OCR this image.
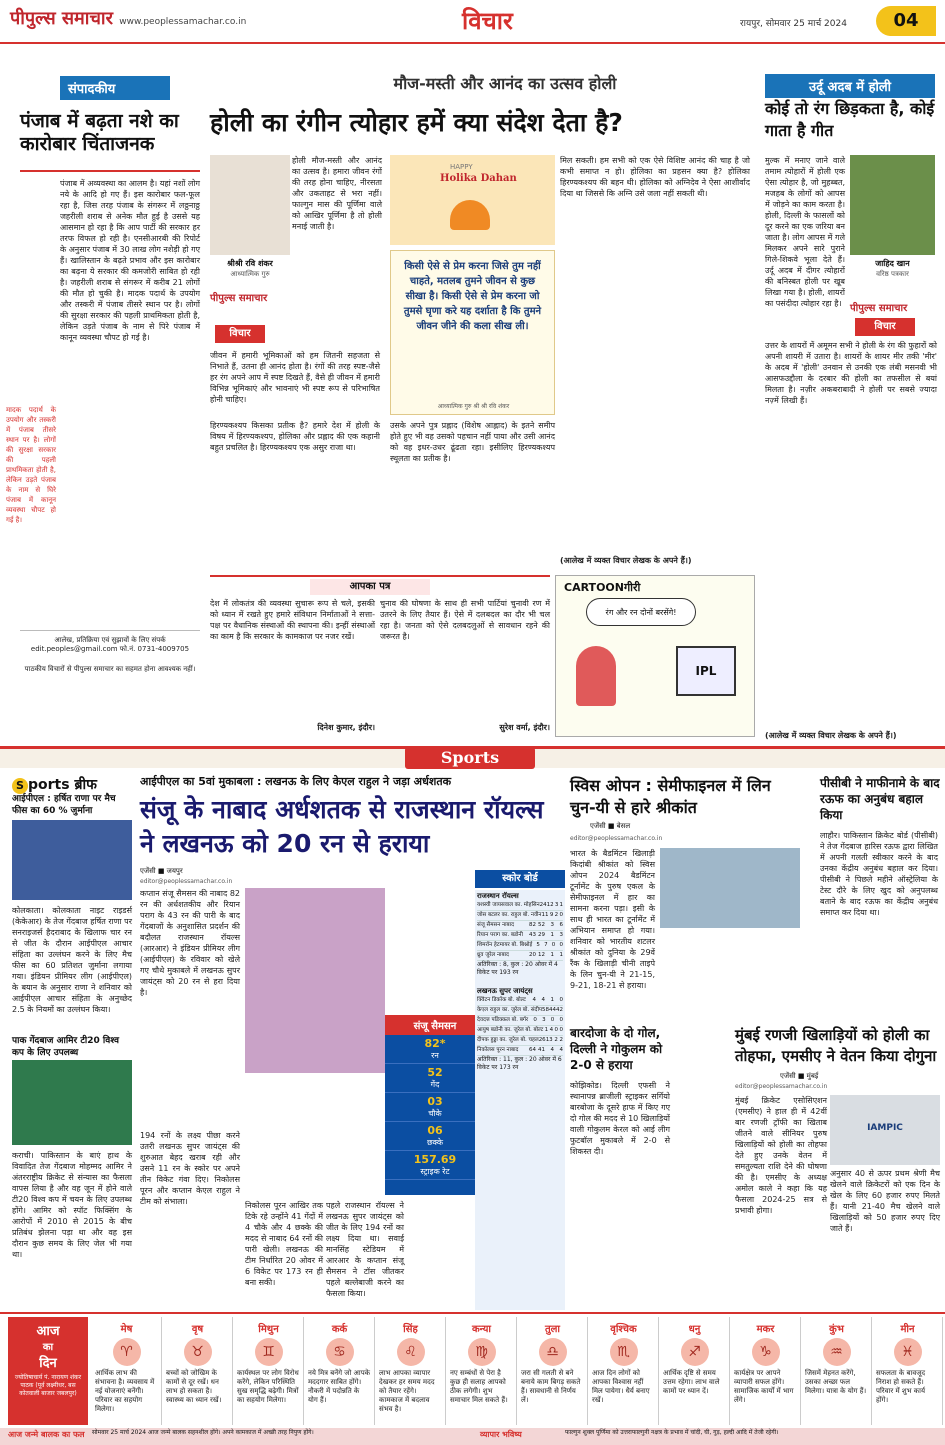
पीपुल्स समाचार www.peoplessamachar.co.in	विचार	रायपुर, सोमवार 25 मार्च 2024	04
संपादकीय
पंजाब में बढ़ता नशे का कारोबार चिंताजनक
पंजाब में अव्यवस्था का आलम है। यहां नशों लोग नये के आदि हो गए हैं। इस कारोबार फल-फूल रहा है, जिस तरह पंजाब के संगरूर में लठ्ठनाठ्ठ जहरीली शराब से अनेक मौत हुई है उससे यह आसमान हो रहा है कि आप पार्टी की सरकार हर तरफ विफल हो रही है। एनसीआरबी की रिपोर्ट के अनुसार पंजाब में 30 लाख लोग नशेड़ी हो गए हैं। खालिस्तान के बढ़ते प्रभाव और इस कारोबार का बढ़ना ये सरकार की कमजोरी साबित हो रही है। जहरीली शराब से संगरूर में करीब 21 लोगों की मौत हो चुकी है। मादक पदार्थ के उपयोग और तस्करी में पंजाब तीसरे स्थान पर है। लोगों की सुरक्षा सरकार की पहली प्राथमिकता होती है, लेकिन उड़ते पंजाब के नाम से पिरे पंजाब में कानून व्यवस्था चौपट हो गई है।
मादक पदार्थ के उपयोग और तस्करी में पंजाब तीसरे स्थान पर है। लोगों की सुरक्षा सरकार की पहली प्राथमिकता होती है, लेकिन उड़ते पंजाब के नाम से घिरे पंजाब में कानून व्यवस्था चौपट हो गई है।
आलेख, प्रतिक्रिया एवं सुझावों के लिए संपर्क edit.peoples@gmail.com फो.नं. 0731-4009705
पाठकीय विचारों से पीपुल्स समाचार का सहमत होना आवश्यक नहीं।
मौज-मस्ती और आनंद का उत्सव होली
होली का रंगीन त्योहार हमें क्या संदेश देता है?
श्रीश्री रवि शंकर
आध्यात्मिक गुरु
पीपुल्स समाचार
विचार
होली मौज-मस्ती और आनंद का उत्सव है। हमारा जीवन रंगों की तरह होना चाहिए, नीरसता और उकताहट से भरा नहीं। फाल्गुन मास की पूर्णिमा वाले को आखिर पूर्णिमा है तो होली मनाई जाती है।
जीवन में हमारी भूमिकाओं को हम जितनी सहजता से निभाते हैं, उतना ही आनंद होता है। रंगों की तरह स्पष्ट-जैसे हर रंग अपने आप में स्पष्ट दिखते हैं, वैसे ही जीवन में हमारी विभिन्न भूमिकाएं और भावनाएं भी स्पष्ट रूप से परिभाषित होनी चाहिए।
HAPPY
Holika Dahan
किसी ऐसे से प्रेम करना जिसे तुम नहीं चाहते, मतलब तुमने जीवन से कुछ सीखा है। किसी ऐसे से प्रेम करना जो तुमसे घृणा करे यह दर्शाता है कि तुमने जीवन जीने की कला सीख ली।
आध्यात्मिक गुरु श्री श्री रवि शंकर
हिरण्यकश्यप किसका प्रतीक है? हमारे देश में होली के विषय में हिरण्यकश्यप, होलिका और प्रह्लाद की एक कहानी बहुत प्रचलित है। हिरण्यकश्यप एक असुर राजा था।
उसके अपने पुत्र प्रह्लाद (विशेष आह्लाद) के इतने समीप होते हुए भी वह उसको पहचान नहीं पाया और उसी आनंद को वह इधर-उधर ढूंढता रहा। इसीलिए हिरण्यकश्यप स्थूलता का प्रतीक है।
मिल सकती। हम सभी को एक ऐसे विशिष्ट आनंद की चाह है जो कभी समाप्त न हो। होलिका का प्रहसन क्या है? होलिका हिरण्यकश्यप की बहन थी। होलिका को अग्निदेव ने ऐसा आशीर्वाद दिया था जिससे कि अग्नि उसे जला नहीं सकती थी।
(आलेख में व्यक्त विचार लेखक के अपने हैं।)
उर्दू अदब में होली
कोई तो रंग छिड़कता है, कोई गाता है गीत
मुल्क में मनाए जाने वाले तमाम त्योहारों में होली एक ऐसा त्योहार है, जो मुहब्बत, मजहब के लोगों को आपस में जोड़ने का काम करता है। होली, दिल्ली के फासलों को दूर करने का एक जरिया बन जाता है। लोग आपस में गले मिलकर अपने सारे पुराने गिले-शिकवे भूला देते हैं। उर्दू अदब में दीगर त्योहारों की बनिस्बत होली पर खूब लिखा गया है। होली, शायरों का पसंदीदा त्योहार रहा है।
जाहिद खान
वरिष्ठ पत्रकार
पीपुल्स समाचार
विचार
उत्तर के शायरों में अमूमन सभी ने होली के रंग की फुहारों को अपनी शायरी में उतारा है। शायरों के शायर मीर तकी 'मीर' के अदब में 'होली' उनवान से उनकी एक लंबी मसनवी भी आसफउद्दौला के दरबार की होली का तफसील से बयां मिलता है। नज़ीर अकबराबादी ने होली पर सबसे ज्यादा नज़्में लिखी हैं।
(आलेख में व्यक्त विचार लेखक के अपने हैं।)
आपका पत्र
देश में लोकतंत्र की व्यवस्था सुचारू रूप से चले, इसकी को ध्यान में रखते हुए हमारे संविधान निर्माताओं ने सत्ता-पक्ष पर वैधानिक संस्थाओं की स्थापना की। इन्हीं संस्थाओं का काम है कि सरकार के कामकाज पर नजर रखें।
दिनेश कुमार, इंदौर।
चुनाव की घोषणा के साथ ही सभी पार्टियां चुनावी रण में उतरने के लिए तैयार हैं। ऐसे में दलबदल का दौर भी चल रहा है। जनता को ऐसे दलबदलुओं से सावधान रहने की जरूरत है।
सुरेश वर्मा, इंदौर।
CARTOONगीरी
रंग और रन दोनों बरसेंगे!
IPL
Sports
S ports ब्रीफ
आईपीएल : हर्षित राणा पर मैच फीस का 60 % जुर्माना
कोलकाता। कोलकाता नाइट राइडर्स (केकेआर) के तेज गेंदबाज हर्षित राणा पर सनराइजर्स हैदराबाद के खिलाफ चार रन से जीत के दौरान आईपीएल आचार संहिता का उल्लंघन करने के लिए मैच फीस का 60 प्रतिशत जुर्माना लगाया गया। इंडियन प्रीमियर लीग (आईपीएल) के बयान के अनुसार राणा ने शनिवार को आईपीएल आचार संहिता के अनुच्छेद 2.5 के नियमों का उल्लंघन किया।
पाक गेंदबाज आमिर टी20 विश्व कप के लिए उपलब्ध
कराची। पाकिस्तान के बाएं हाथ के विवादित तेज गेंदबाज मोहम्मद आमिर ने अंतरराष्ट्रीय क्रिकेट से संन्यास का फैसला वापस लिया है और वह जून में होने वाले टी20 विश्व कप में चयन के लिए उपलब्ध होंगे। आमिर को स्पॉट फिक्सिंग के आरोपों में 2010 से 2015 के बीच प्रतिबंध झेलना पड़ा था और वह इस दौरान कुछ समय के लिए जेल भी गया था।
आईपीएल का 5वां मुकाबला : लखनऊ के लिए केएल राहुल ने जड़ा अर्धशतक
संजू के नाबाद अर्धशतक से राजस्थान रॉयल्स ने लखनऊ को 20 रन से हराया
एजेंसी ■ जयपुर
editor@peoplessamachar.co.in
कप्तान संजू सैमसन की नाबाद 82 रन की अर्धशतकीय और रियान पराग के 43 रन की पारी के बाद गेंदबाजों के अनुशासित प्रदर्शन की बदौलत राजस्थान रॉयल्स (आरआर) ने इंडियन प्रीमियर लीग (आईपीएल) के रविवार को खेले गए चौथे मुकाबले में लखनऊ सुपर जायंट्स को 20 रन से हरा दिया है।
194 रनों के लक्ष्य पीछा करने उतरी लखनऊ सुपर जायंट्स की शुरुआत बेहद खराब रही और उसने 11 रन के स्कोर पर अपने तीन विकेट गंवा दिए। निकोलस पूरन और कप्तान केएल राहुल ने टीम को संभाला।
संजू सैमसन
82*
रन
52
गेंद
03
चौके
06
छक्के
157.69
स्ट्राइक रेट
निकोलस पूरन आखिर तक टिके रहे उन्होंने 41 गेंदों में 4 चौके और 4 छक्के की मदद से नाबाद 64 रनों की पारी खेली। लखनऊ की टीम निर्धारित 20 ओवर में 6 विकेट पर 173 रन ही बना सकी।
पहले राजस्थान रॉयल्स ने लखनऊ सुपर जायंट्स को जीत के लिए 194 रनों का लक्ष्य दिया था। सवाई मानसिंह स्टेडियम में आरआर के कप्तान संजू सैमसन ने टॉस जीतकर पहले बल्लेबाजी करने का फैसला किया।
स्कोर बोर्ड
राजस्थान रॉयल्स
यशस्वी जायसवाल का. मोहसिन 24 12 3 1
जोस बटलर का. राहुल बो. नवीन 11 9 2 0
संजू सैमसन नाबाद	82 52	3	6
रियान पराग का. बडोनी	43 29	1	3
शिमरॉन हेटमायर बो. बिश्नोई 5 7 0 0
ध्रुव जुरेल नाबाद	20 12	1	1
अतिरिक्त : 8, कुल : 20 ओवर में 4 विकेट पर 193 रन
लखनऊ सुपर जायंट्स
क्विंटन डिकॉक बो. बोल्ट	4	4	1	0
केएल राहुल का. जुरेल बो. संदीप 58 44 4 2
देवदत्त पडिक्कल बो. बर्गर 0 3 0 0
आयुष बडोनी का. जुरेल बो. बोल्ट 1 4 0 0
दीपक हुड्डा का. जुरेल बो. चहल 26 13 2 2
निकोलस पूरन नाबाद	64 41	4	4
अतिरिक्त : 11, कुल : 20 ओवर में 6 विकेट पर 173 रन
स्विस ओपन : सेमीफाइनल में लिन चुन-यी से हारे श्रीकांत
एजेंसी ■ बेसल
editor@peoplessamachar.co.in
भारत के बैडमिंटन खिलाड़ी किदांबी श्रीकांत को स्विस ओपन 2024 बैडमिंटन टूर्नामेंट के पुरुष एकल के सेमीफाइनल में हार का सामना करना पड़ा। इसी के साथ ही भारत का टूर्नामेंट में अभियान समाप्त हो गया। शनिवार को भारतीय शटलर श्रीकांत को दुनिया के 29वें रैंक के खिलाड़ी चीनी ताइपे के लिन चुन-यी ने 21-15, 9-21, 18-21 से हराया।
बारदोजा के दो गोल, दिल्ली ने गोकुलम को 2-0 से हराया
कोझिकोड। दिल्ली एफसी ने स्थानापन्न ब्राजीली स्ट्राइकर सर्गियो बारबोजा के दूसरे हाफ में किए गए दो गोल की मदद से 10 खिलाड़ियों वाली गोकुलम केरल को आई लीग फुटबॉल मुकाबले में 2-0 से शिकस्त दी।
पीसीबी ने माफीनामे के बाद रऊफ का अनुबंध बहाल किया
लाहौर। पाकिस्तान क्रिकेट बोर्ड (पीसीबी) ने तेज गेंदबाज हारिस रऊफ द्वारा लिखित में अपनी गलती स्वीकार करने के बाद उनका केंद्रीय अनुबंध बहाल कर दिया। पीसीबी ने पिछले महीने ऑस्ट्रेलिया के टेस्ट दौरे के लिए खुद को अनुपलब्ध बताने के बाद रऊफ का केंद्रीय अनुबंध समाप्त कर दिया था।
मुंबई रणजी खिलाड़ियों को होली का तोहफा, एमसीए ने वेतन किया दोगुना
एजेंसी ■ मुंबई
editor@peoplessamachar.co.in
मुंबई क्रिकेट एसोसिएशन (एमसीए) ने हाल ही में 42वीं बार रणजी ट्रॉफी का खिताब जीतने वाले सीनियर पुरुष खिलाड़ियों को होली का तोहफा देते हुए उनके वेतन में समतुल्यता राशि देने की घोषणा की है। एमसीए के अध्यक्ष अमोल काले ने कहा कि यह फैसला 2024-25 सत्र से प्रभावी होगा।
IAMPIC
अनुसार 40 से ऊपर प्रथम श्रेणी मैच खेलने वाले क्रिकेटरों को एक दिन के खेल के लिए 60 हजार रुपए मिलते हैं। यानी 21-40 मैच खेलने वाले खिलाड़ियों को 50 हजार रुपए दिए जाते हैं।
आज
का
दिन
ज्योतिषाचार्य पं. नारायण शंकर पाठक (पूर्व लक्ष्मीधर, बस कोतवाली बाजार जबलपुर)
मेष
♈
आर्थिक लाभ की संभावना है। व्यवसाय में नई योजनाएं बनेंगी। परिवार का सहयोग मिलेगा।
वृष
♉
बच्चों को जोखिम के कामों से दूर रखें। धन लाभ हो सकता है। स्वास्थ्य का ध्यान रखें।
मिथुन
♊
कार्यस्थल पर लोग विरोध करेंगे, लेकिन परिस्थिति सुख समृद्धि बढ़ेगी। मित्रों का सहयोग मिलेगा।
कर्क
♋
नये मित्र बनेंगे जो आपके मददगार साबित होंगे। नौकरी में पदोन्नति के योग हैं।
सिंह
♌
लाभ आपका व्यापार देखकर हर समय मदद को तैयार रहेंगे। कामकाज में बदलाव संभव है।
कन्या
♍
नए सम्बंधों से पेरा है कुछ ही सलाह आपको ठीक लगेगी। शुभ समाचार मिल सकते हैं।
तुला
♎
जरा सी गलती से बने बनाये काम बिगड़ सकते हैं। सावधानी से निर्णय लें।
वृश्चिक
♏
आज दिन लोगों को आपका विश्वास नहीं मिल पायेगा। धैर्य बनाए रखें।
धनु
♐
आर्थिक दृष्टि से समय उत्तम रहेगा। लाभ वाले कामों पर ध्यान दें।
मकर
♑
कार्यक्षेत्र पर आपने व्यापारी सफल होंगे। सामाजिक कार्यों में भाग लेंगे।
कुंभ
♒
जिसमें मेहनत करेंगे, उसका अच्छा फल मिलेगा। यात्रा के योग हैं।
मीन
♓
सफलता के बावजूद निराश हो सकते हैं। परिवार में शुभ कार्य होंगे।
आज जन्मे बालक का फल	सोमवार 25 मार्च 2024 आज जन्मे बालक सहनशील होंगे। अपने कामकाज में अच्छी तरह निपुण होंगे।	व्यापार भविष्य	फाल्गुन शुक्ल पूर्णिमा को उत्तराफाल्गुनी नक्षत्र के प्रभाव में चांदी, घी, गुड़, हल्दी आदि में तेजी रहेगी।
